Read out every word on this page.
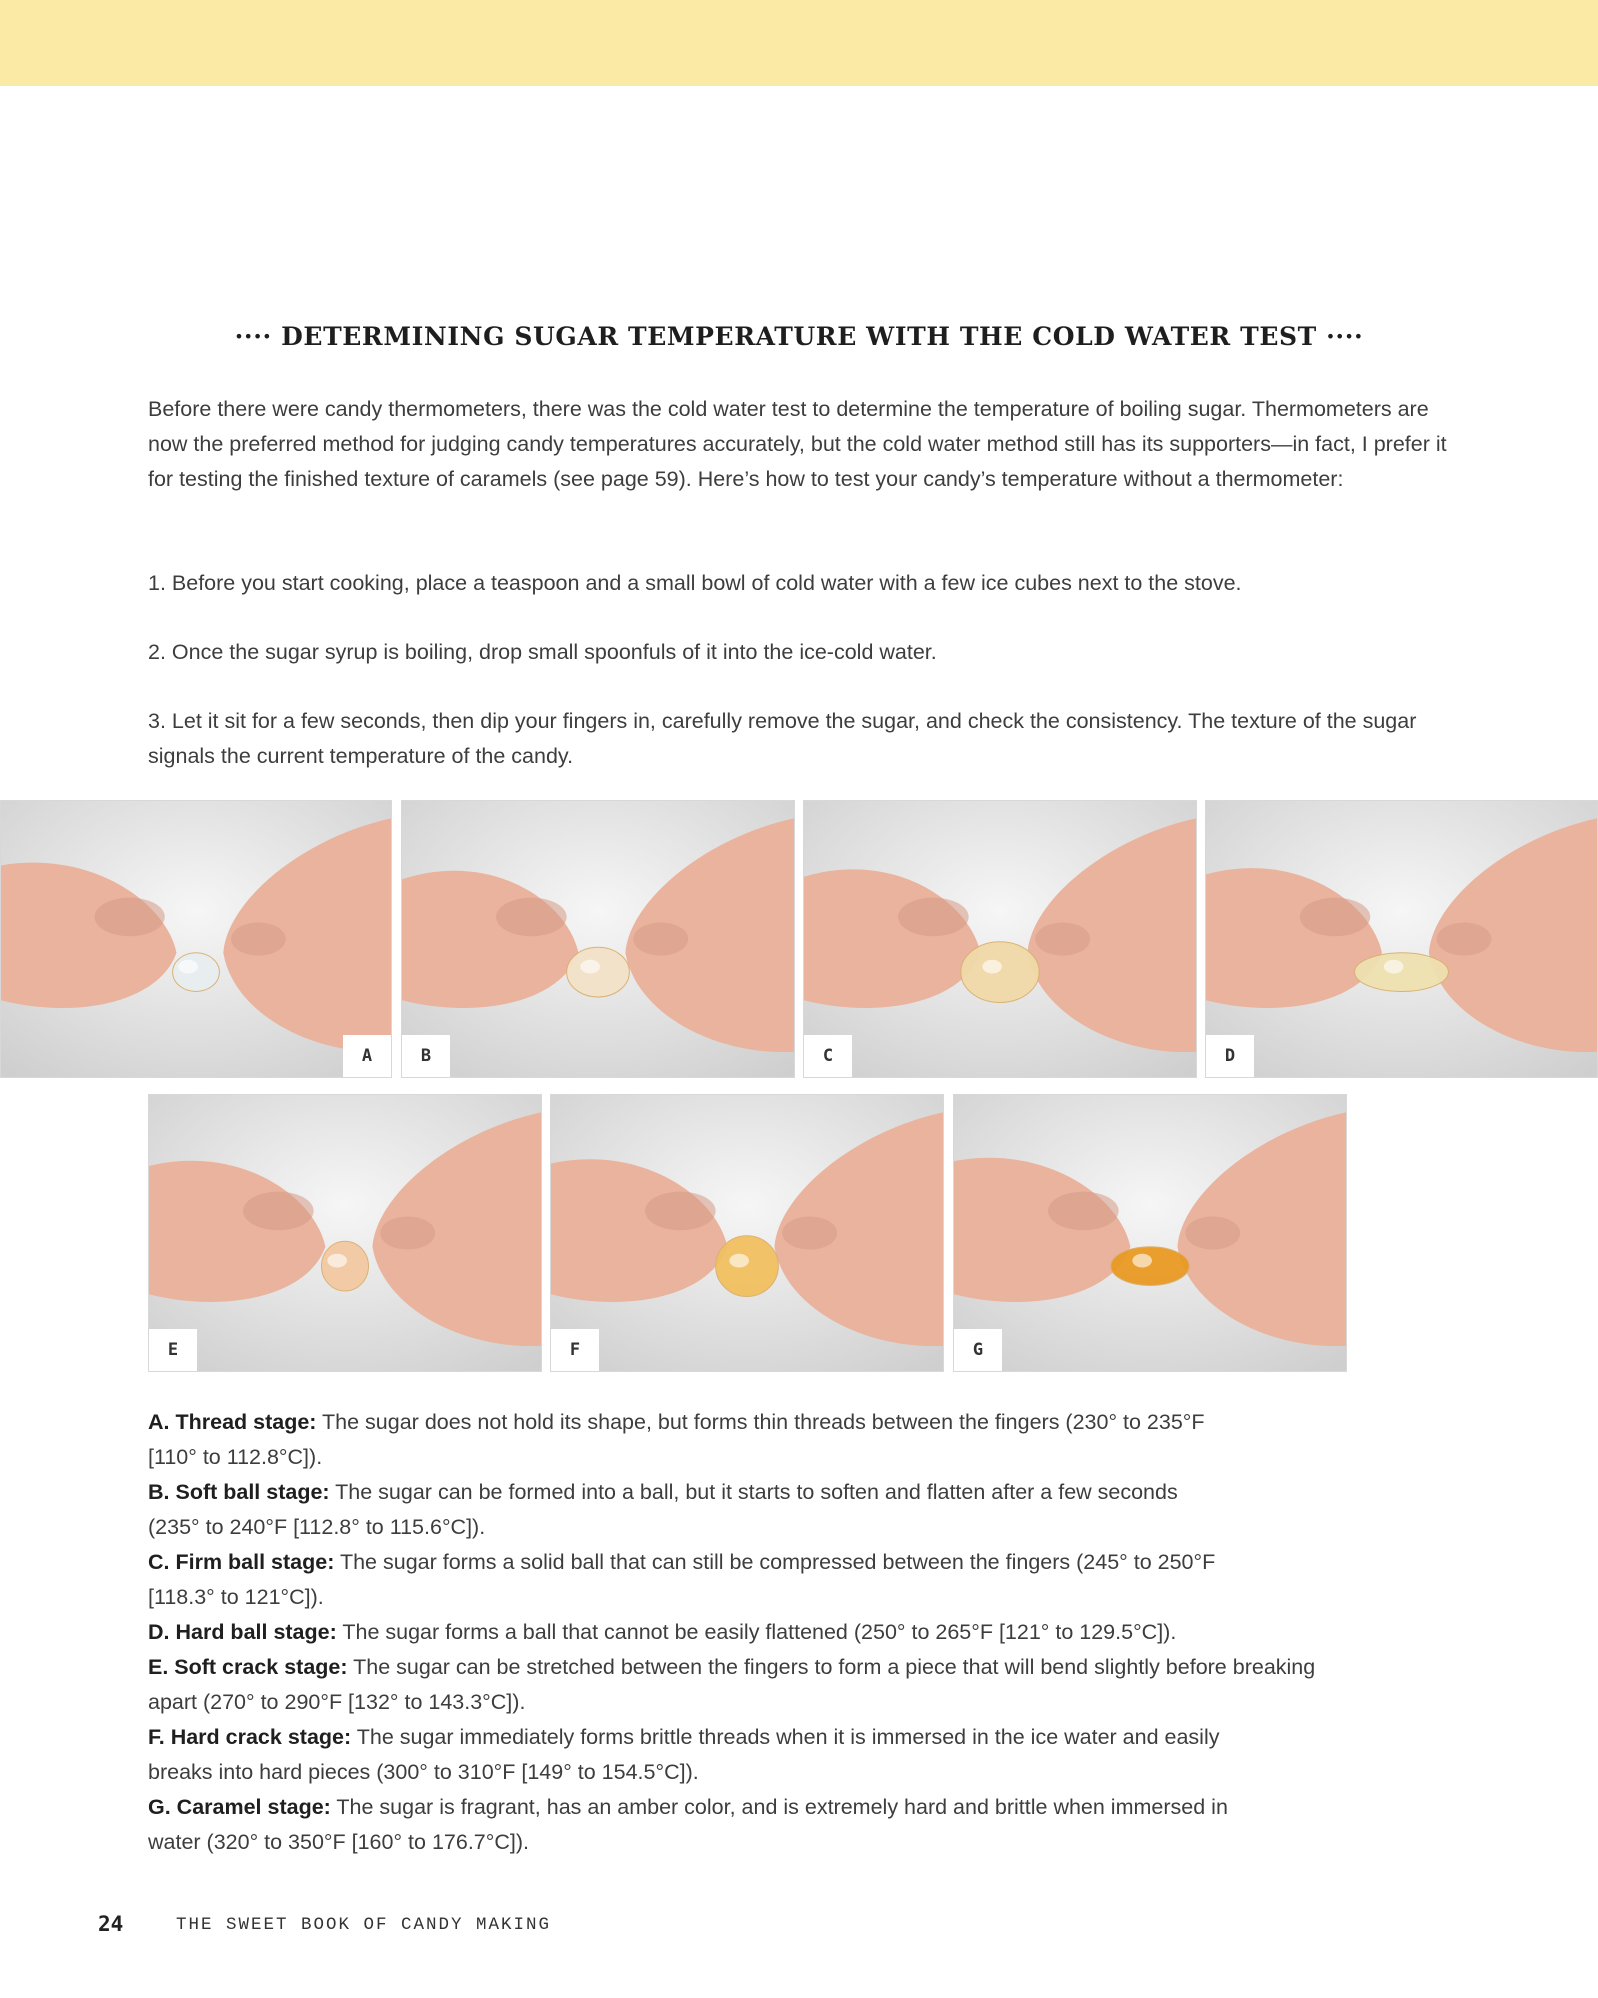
···· DETERMINING SUGAR TEMPERATURE WITH THE COLD WATER TEST ····

Before there were candy thermometers, there was the cold water test to determine the temperature of boiling sugar. Thermometers are now the preferred method for judging candy temperatures accurately, but the cold water method still has its supporters—in fact, I prefer it for testing the finished texture of caramels (see page 59). Here’s how to test your candy’s temperature without a thermometer:

1. Before you start cooking, place a teaspoon and a small bowl of cold water with a few ice cubes next to the stove.

2. Once the sugar syrup is boiling, drop small spoonfuls of it into the ice-cold water.

3. Let it sit for a few seconds, then dip your fingers in, carefully remove the sugar, and check the consistency. The texture of the sugar signals the current temperature of the candy.

A	B	C	D
E	F	G

A. Thread stage: The sugar does not hold its shape, but forms thin threads between the fingers (230° to 235°F
[110° to 112.8°C]).

B. Soft ball stage: The sugar can be formed into a ball, but it starts to soften and flatten after a few seconds
(235° to 240°F [112.8° to 115.6°C]).

C. Firm ball stage: The sugar forms a solid ball that can still be compressed between the fingers (245° to 250°F
[118.3° to 121°C]).

D. Hard ball stage: The sugar forms a ball that cannot be easily flattened (250° to 265°F [121° to 129.5°C]).

E. Soft crack stage: The sugar can be stretched between the fingers to form a piece that will bend slightly before breaking
apart (270° to 290°F [132° to 143.3°C]).

F. Hard crack stage: The sugar immediately forms brittle threads when it is immersed in the ice water and easily
breaks into hard pieces (300° to 310°F [149° to 154.5°C]).

G. Caramel stage: The sugar is fragrant, has an amber color, and is extremely hard and brittle when immersed in
water (320° to 350°F [160° to 176.7°C]).

24	THE SWEET BOOK OF CANDY MAKING
